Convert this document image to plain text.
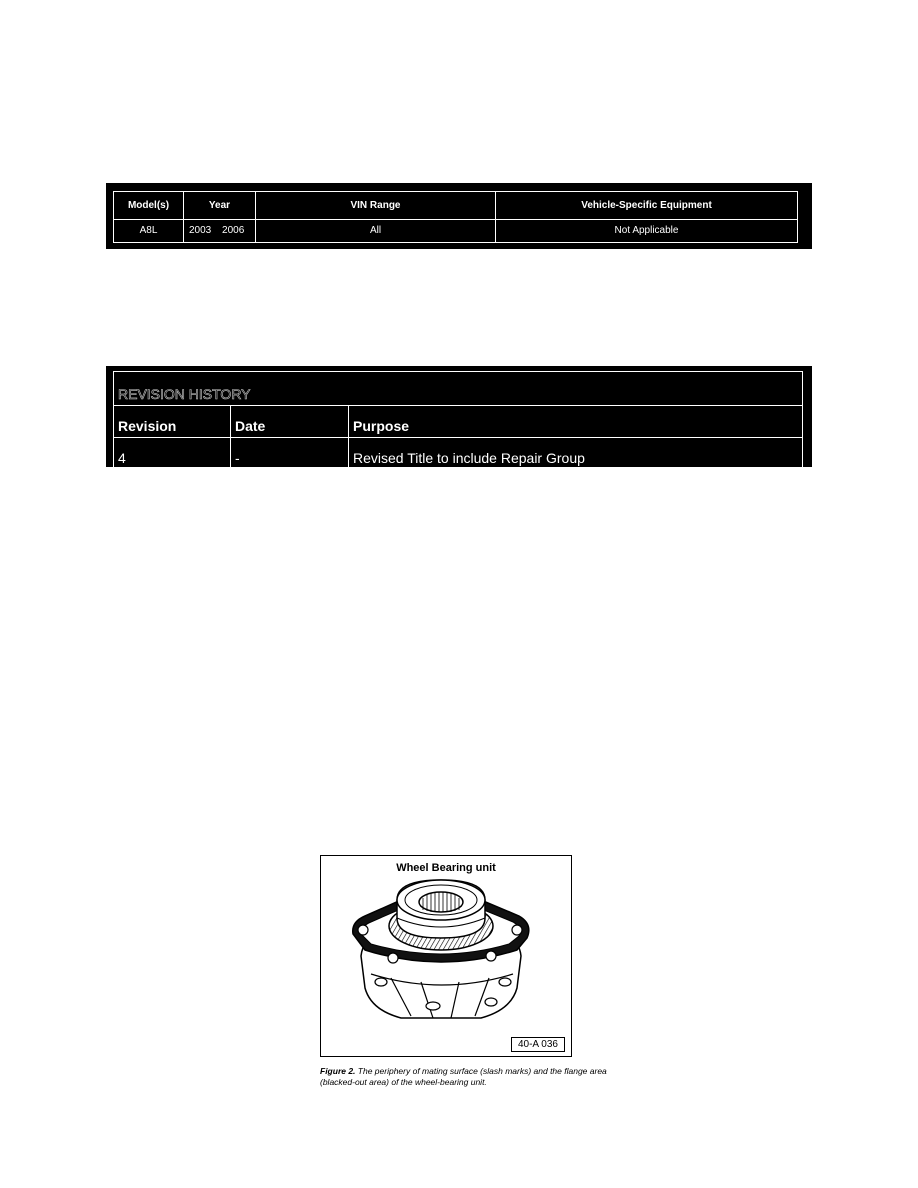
Model(s)	Year	VIN Range	Vehicle-Specific Equipment
A8L	2003 2006	All	Not Applicable
REVISION HISTORY		
Revision	Date	Purpose
4	-	Revised Title to include Repair Group
Wheel Bearing unit
40-A 036
Figure 2. The periphery of mating surface (slash marks) and the flange area (blacked-out area) of the wheel-bearing unit.
